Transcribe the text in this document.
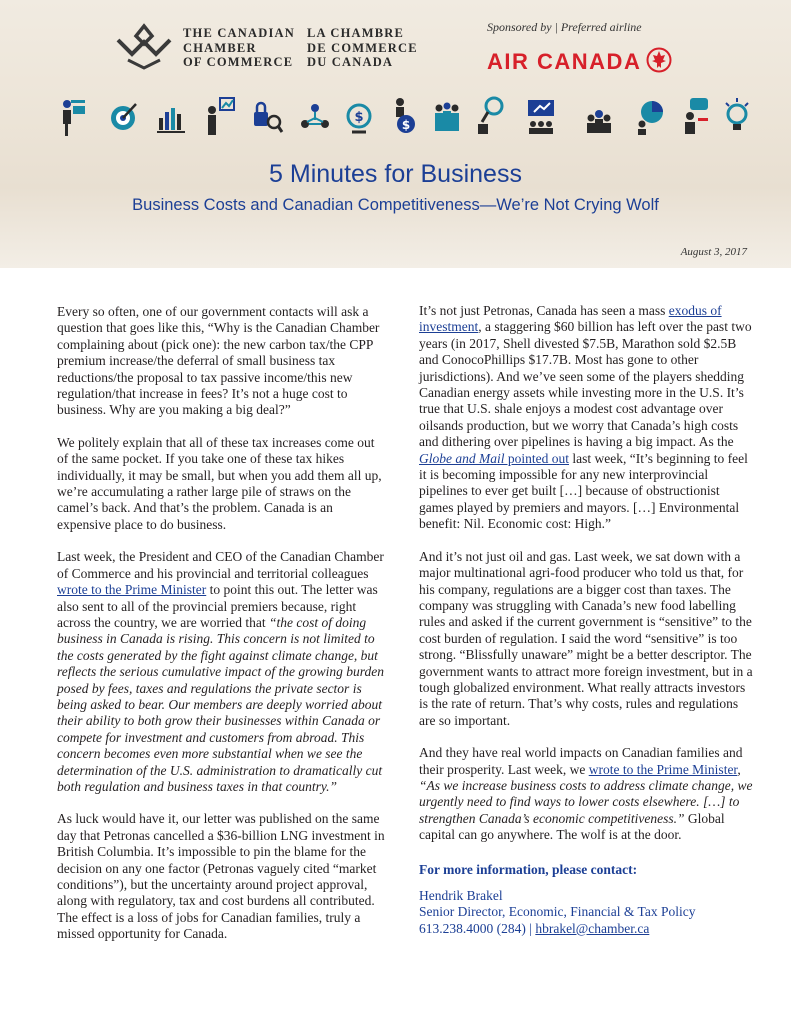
THE CANADIAN
CHAMBER
OF COMMERCE
LA CHAMBRE
DE COMMERCE
DU CANADA
Sponsored by | Preferred airline
AIR CANADA
$	$
5 Minutes for Business
Business Costs and Canadian Competitiveness—We’re Not Crying Wolf
August 3, 2017

Every so often, one of our government contacts will ask a question that goes like this, “Why is the Canadian Chamber complaining about (pick one): the new carbon tax/the CPP premium increase/the deferral of small business tax reductions/the proposal to tax passive income/this new regulation/that increase in fees? It’s not a huge cost to business. Why are you making a big deal?”

We politely explain that all of these tax increases come out of the same pocket. If you take one of these tax hikes individually, it may be small, but when you add them all up, we’re accumulating a rather large pile of straws on the camel’s back. And that’s the problem. Canada is an expensive place to do business.

Last week, the President and CEO of the Canadian Chamber of Commerce and his provincial and territorial colleagues wrote to the Prime Minister to point this out. The letter was also sent to all of the provincial premiers because, right across the country, we are worried that “the cost of doing business in Canada is rising. This concern is not limited to the costs generated by the fight against climate change, but reflects the serious cumulative impact of the growing burden posed by fees, taxes and regulations the private sector is being asked to bear. Our members are deeply worried about their ability to both grow their businesses within Canada or compete for investment and customers from abroad. This concern becomes even more substantial when we see the determination of the U.S. administration to dramatically cut both regulation and business taxes in that country.”

As luck would have it, our letter was published on the same day that Petronas cancelled a $36-billion LNG investment in British Columbia. It’s impossible to pin the blame for the decision on any one factor (Petronas vaguely cited “market conditions”), but the uncertainty around project approval, along with regulatory, tax and cost burdens all contributed. The effect is a loss of jobs for Canadian families, truly a missed opportunity for Canada.

It’s not just Petronas, Canada has seen a mass exodus of investment, a staggering $60 billion has left over the past two years (in 2017, Shell divested $7.5B, Marathon sold $2.5B and ConocoPhillips $17.7B. Most has gone to other jurisdictions). And we’ve seen some of the players shedding Canadian energy assets while investing more in the U.S. It’s true that U.S. shale enjoys a modest cost advantage over oilsands production, but we worry that Canada’s high costs and dithering over pipelines is having a big impact. As the Globe and Mail pointed out last week, “It’s beginning to feel it is becoming impossible for any new interprovincial pipelines to ever get built […] because of obstructionist games played by premiers and mayors. […] Environmental benefit: Nil. Economic cost: High.”

And it’s not just oil and gas. Last week, we sat down with a major multinational agri-food producer who told us that, for his company, regulations are a bigger cost than taxes. The company was struggling with Canada’s new food labelling rules and asked if the current government is “sensitive” to the cost burden of regulation. I said the word “sensitive” is too strong. “Blissfully unaware” might be a better descriptor. The government wants to attract more foreign investment, but in a tough globalized environment. What really attracts investors is the rate of return. That’s why costs, rules and regulations are so important.

And they have real world impacts on Canadian families and their prosperity. Last week, we wrote to the Prime Minister, “As we increase business costs to address climate change, we urgently need to find ways to lower costs elsewhere. […] to strengthen Canada’s economic competitiveness.” Global capital can go anywhere. The wolf is at the door.

For more information, please contact:
Hendrik Brakel
Senior Director, Economic, Financial & Tax Policy
613.238.4000 (284) | hbrakel@chamber.ca
